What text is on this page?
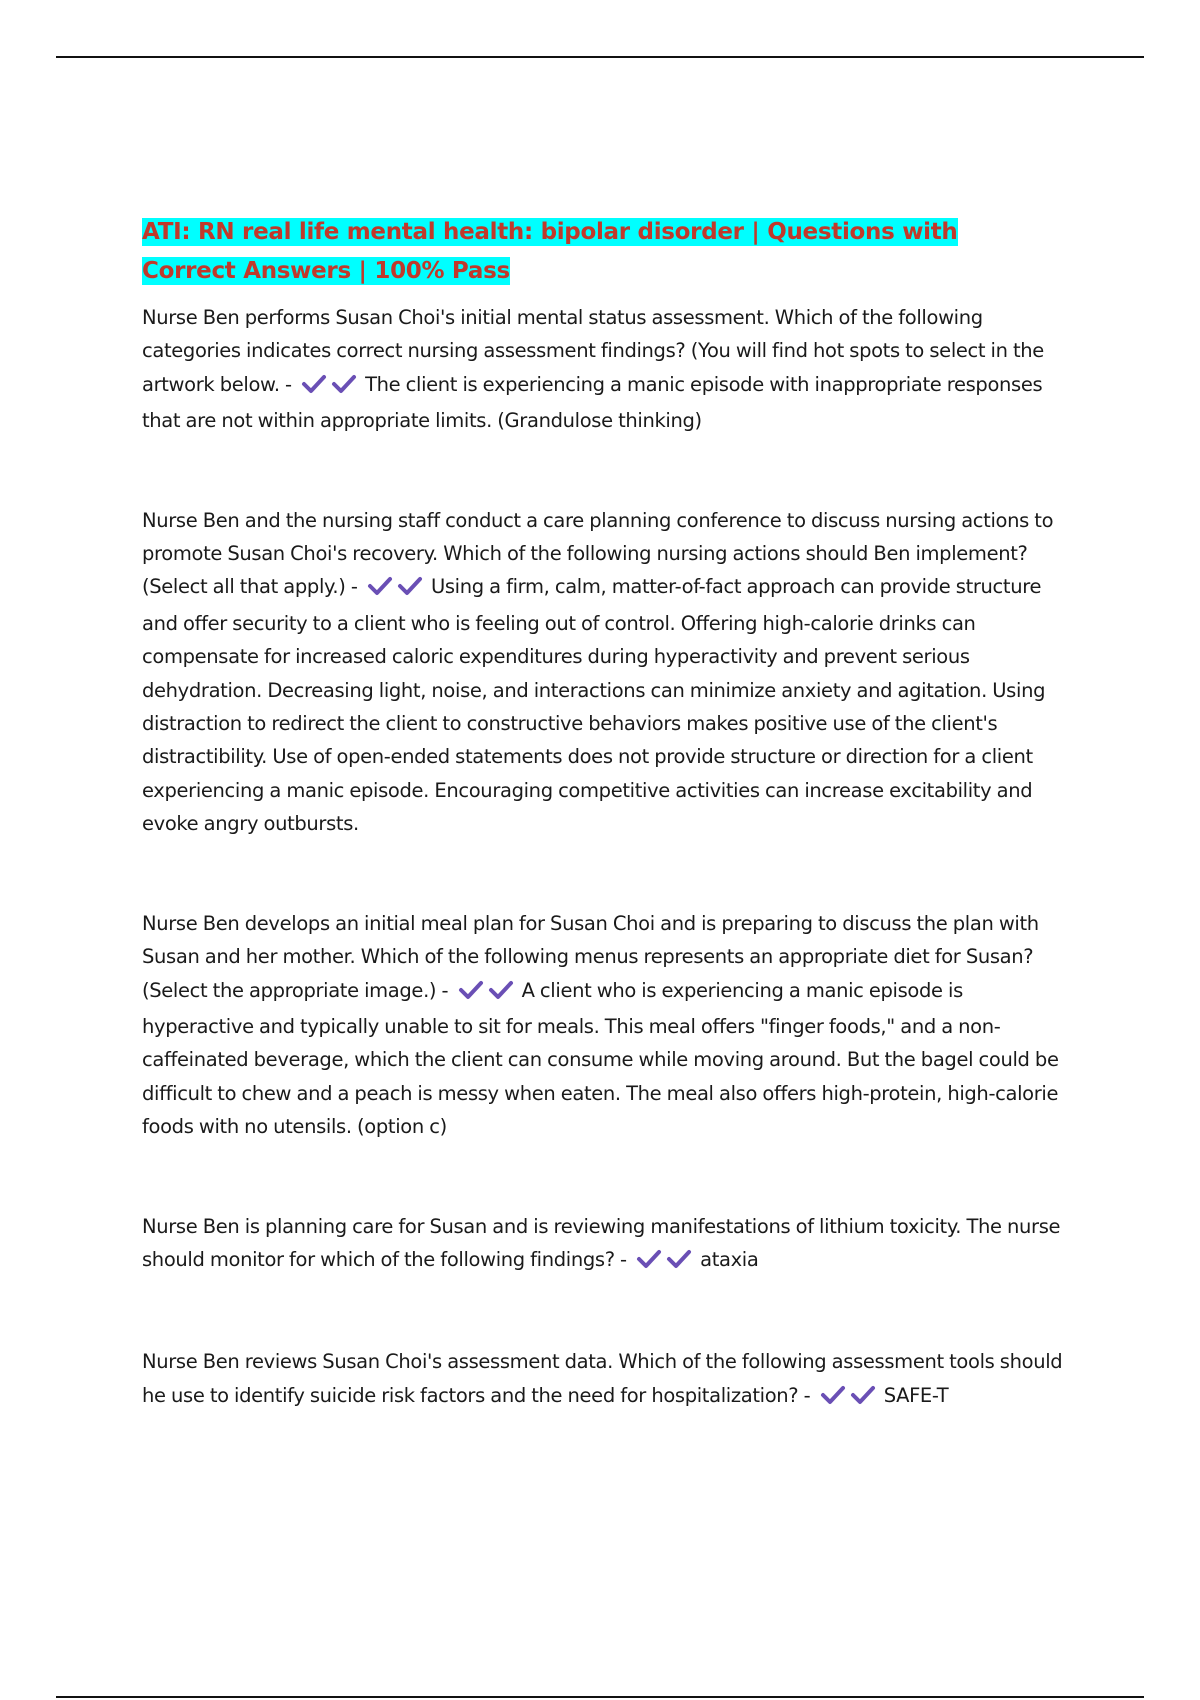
ATI: RN real life mental health: bipolar disorder | Questions with Correct Answers | 100% Pass

Nurse Ben performs Susan Choi's initial mental status assessment. Which of the following categories indicates correct nursing assessment findings? (You will find hot spots to select in the artwork below. -	The client is experiencing a manic episode with inappropriate responses that are not within appropriate limits. (Grandulose thinking)

Nurse Ben and the nursing staff conduct a care planning conference to discuss nursing actions to promote Susan Choi's recovery. Which of the following nursing actions should Ben implement? (Select all that apply.) -	Using a firm, calm, matter-of-fact approach can provide structure and offer security to a client who is feeling out of control. Offering high-calorie drinks can compensate for increased caloric expenditures during hyperactivity and prevent serious dehydration. Decreasing light, noise, and interactions can minimize anxiety and agitation. Using distraction to redirect the client to constructive behaviors makes positive use of the client's distractibility. Use of open-ended statements does not provide structure or direction for a client experiencing a manic episode. Encouraging competitive activities can increase excitability and evoke angry outbursts.

Nurse Ben develops an initial meal plan for Susan Choi and is preparing to discuss the plan with Susan and her mother. Which of the following menus represents an appropriate diet for Susan? (Select the appropriate image.) -	A client who is experiencing a manic episode is hyperactive and typically unable to sit for meals. This meal offers "finger foods," and a non-caffeinated beverage, which the client can consume while moving around. But the bagel could be difficult to chew and a peach is messy when eaten. The meal also offers high-protein, high-calorie foods with no utensils. (option c)

Nurse Ben is planning care for Susan and is reviewing manifestations of lithium toxicity. The nurse should monitor for which of the following findings? -	ataxia

Nurse Ben reviews Susan Choi's assessment data. Which of the following assessment tools should he use to identify suicide risk factors and the need for hospitalization? -	SAFE-T
